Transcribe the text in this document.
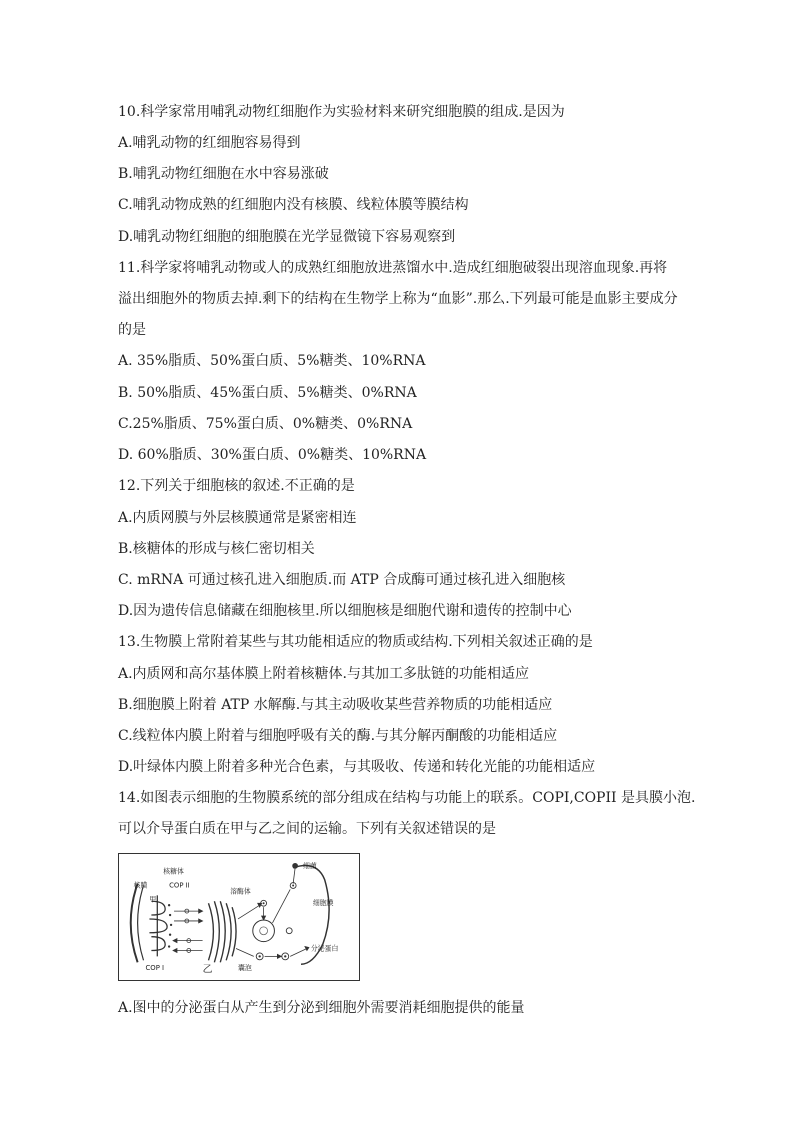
10.科学家常用哺乳动物红细胞作为实验材料来研究细胞膜的组成.是因为
A.哺乳动物的红细胞容易得到
B.哺乳动物红细胞在水中容易涨破
C.哺乳动物成熟的红细胞内没有核膜、线粒体膜等膜结构
D.哺乳动物红细胞的细胞膜在光学显微镜下容易观察到
11.科学家将哺乳动物或人的成熟红细胞放进蒸馏水中.造成红细胞破裂出现溶血现象.再将
溢出细胞外的物质去掉.剩下的结构在生物学上称为“血影”.那么.下列最可能是血影主要成分
的是
A. 35%脂质、50%蛋白质、5%糖类、10%RNA
B. 50%脂质、45%蛋白质、5%糖类、0%RNA
C.25%脂质、75%蛋白质、0%糖类、0%RNA
D. 60%脂质、30%蛋白质、0%糖类、10%RNA
12.下列关于细胞核的叙述.不正确的是
A.内质网膜与外层核膜通常是紧密相连
B.核糖体的形成与核仁密切相关
C. mRNA 可通过核孔进入细胞质.而 ATP 合成酶可通过核孔进入细胞核
D.因为遗传信息储藏在细胞核里.所以细胞核是细胞代谢和遗传的控制中心
13.生物膜上常附着某些与其功能相适应的物质或结构.下列相关叙述正确的是
A.内质网和高尔基体膜上附着核糖体.与其加工多肽链的功能相适应
B.细胞膜上附着 ATP 水解酶.与其主动吸收某些营养物质的功能相适应
C.线粒体内膜上附着与细胞呼吸有关的酶.与其分解丙酮酸的功能相适应
D.叶绿体内膜上附着多种光合色素，与其吸收、传递和转化光能的功能相适应
14.如图表示细胞的生物膜系统的部分组成在结构与功能上的联系。COPI,COPII 是具膜小泡.
可以介导蛋白质在甲与乙之间的运输。下列有关叙述错误的是
核膜
核糖体
COP II
甲
COP I	乙
溶酶体
细菌
细胞膜
囊泡
分泌蛋白
A.图中的分泌蛋白从产生到分泌到细胞外需要消耗细胞提供的能量
